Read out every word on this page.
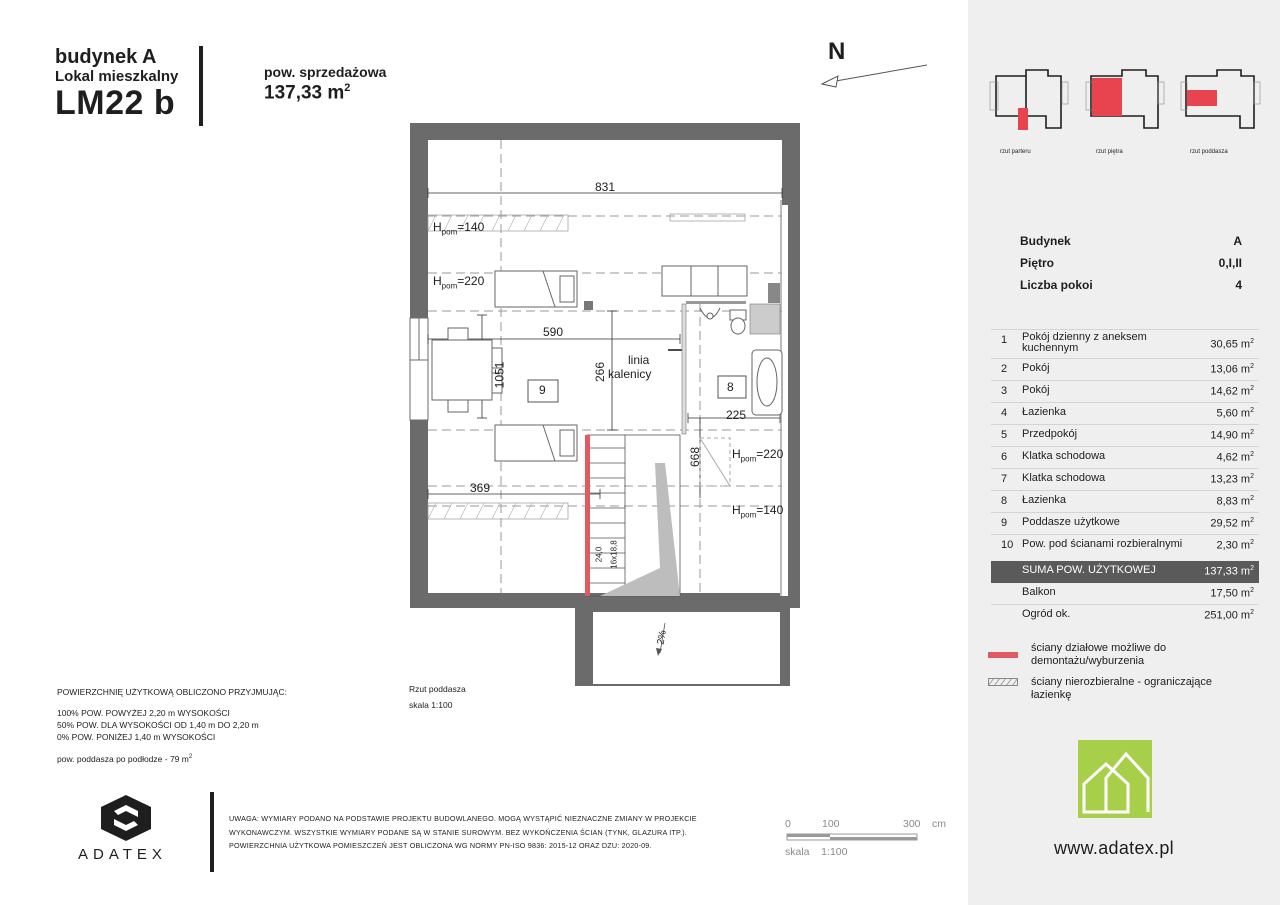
budynek A
Lokal mieszkalny
LM22 b
pow. sprzedażowa
137,33 $m^2$
N
831
590
1051	266
225
369
668
linia
kalenicy
9	8
$H_{pom}=140$
$H_{pom}=220$
$H_{pom}=220$
$H_{pom}=140$
24,0 16x18,8
2%
Rzut poddasza
skala 1:100
POWIERZCHNIĘ UŻYTKOWĄ OBLICZONO PRZYJMUJĄC:
100% POW. POWYŻEJ 2,20 m WYSOKOŚCI
50% POW. DLA WYSOKOŚCI OD 1,40 m DO 2,20 m
0% POW. PONIŻEJ 1,40 m WYSOKOŚCI
pow. poddasza po podłodze - 79 $m^2$
ADATEX
UWAGA: WYMIARY PODANO NA PODSTAWIE PROJEKTU BUDOWLANEGO. MOGĄ WYSTĄPIĆ NIEZNACZNE ZMIANY W PROJEKCIE
WYKONAWCZYM. WSZYSTKIE WYMIARY PODANE SĄ W STANIE SUROWYM. BEZ WYKOŃCZENIA ŚCIAN (TYNK, GLAZURA ITP.).
POWIERZCHNIA UŻYTKOWA POMIESZCZEŃ JEST OBLICZONA WG NORMY PN-ISO 9836: 2015-12 ORAZ DZU: 2020-09.
0	100	300 cm
skala    1:100
rzut parteru	rzut piętra	rzut poddasza
Budynek	A
Piętro	0,I,II
Liczba pokoi	4
1 Pokój dzienny z aneksem kuchennym	30,65 $m^2$
2 Pokój	13,06 $m^2$
3 Pokój	14,62 $m^2$
4 Łazienka	5,60 $m^2$
5 Przedpokój	14,90 $m^2$
6 Klatka schodowa	4,62 $m^2$
7 Klatka schodowa	13,23 $m^2$
8 Łazienka	8,83 $m^2$
9 Poddasze użytkowe	29,52 $m^2$
10 Pow. pod ścianami rozbieralnymi	2,30 $m^2$
SUMA POW. UŻYTKOWEJ	137,33 $m^2$
Balkon	17,50 $m^2$
Ogród ok.	251,00 $m^2$
ściany działowe możliwe do demontażu/wyburzenia
ściany nierozbieralne - ograniczające łazienkę
www.adatex.pl
